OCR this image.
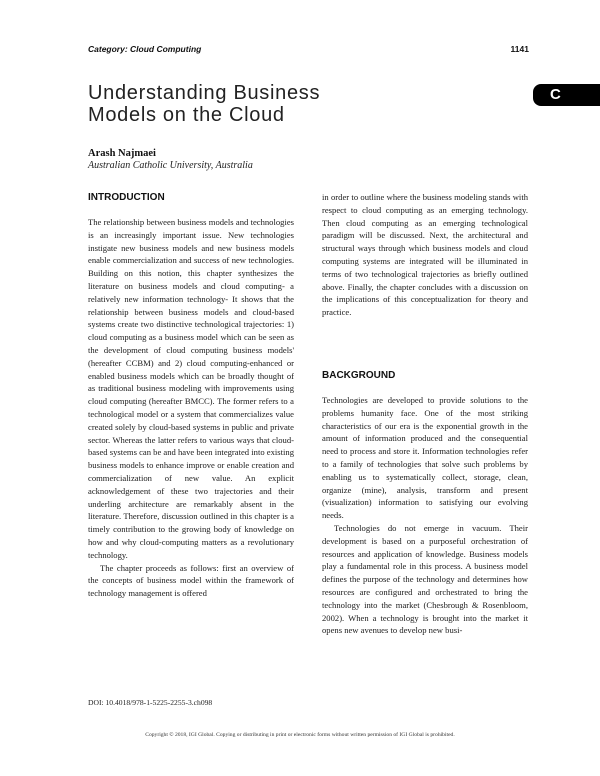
Category: Cloud Computing	1141
Understanding Business Models on the Cloud
C
Arash Najmaei
Australian Catholic University, Australia
INTRODUCTION

The relationship between business models and technologies is an increasingly important issue. New technologies instigate new business models and new business models enable commercialization and success of new technologies. Building on this notion, this chapter synthesizes the literature on business models and cloud computing- a relatively new information technology- It shows that the relationship between business models and cloud-based systems create two distinctive technological trajectories: 1) cloud computing as a business model which can be seen as the development of cloud computing business models' (hereafter CCBM) and 2) cloud computing-enhanced or enabled business models which can be broadly thought of as traditional business modeling with improvements using cloud computing (hereafter BMCC). The former refers to a technological model or a system that commercializes value created solely by cloud-based systems in public and private sector. Whereas the latter refers to various ways that cloud-based systems can be and have been integrated into existing business models to enhance improve or enable creation and commercialization of new value. An explicit acknowledgement of these two trajectories and their underling architecture are remarkably absent in the literature. Therefore, discussion outlined in this chapter is a timely contribution to the growing body of knowledge on how and why cloud-computing matters as a revolutionary technology.

The chapter proceeds as follows: first an overview of the concepts of business model within the framework of technology management is offered

in order to outline where the business modeling stands with respect to cloud computing as an emerging technology. Then cloud computing as an emerging technological paradigm will be discussed. Next, the architectural and structural ways through which business models and cloud computing systems are integrated will be illuminated in terms of two technological trajectories as briefly outlined above. Finally, the chapter concludes with a discussion on the implications of this conceptualization for theory and practice.

BACKGROUND

Technologies are developed to provide solutions to the problems humanity face. One of the most striking characteristics of our era is the exponential growth in the amount of information produced and the consequential need to process and store it. Information technologies refer to a family of technologies that solve such problems by enabling us to systematically collect, storage, clean, organize (mine), analysis, transform and present (visualization) information to satisfying our evolving needs.

Technologies do not emerge in vacuum. Their development is based on a purposeful orchestration of resources and application of knowledge. Business models play a fundamental role in this process. A business model defines the purpose of the technology and determines how resources are configured and orchestrated to bring the technology into the market (Chesbrough & Rosenbloom, 2002). When a technology is brought into the market it opens new avenues to develop new busi-

DOI: 10.4018/978-1-5225-2255-3.ch098
Copyright © 2018, IGI Global. Copying or distributing in print or electronic forms without written permission of IGI Global is prohibited.
